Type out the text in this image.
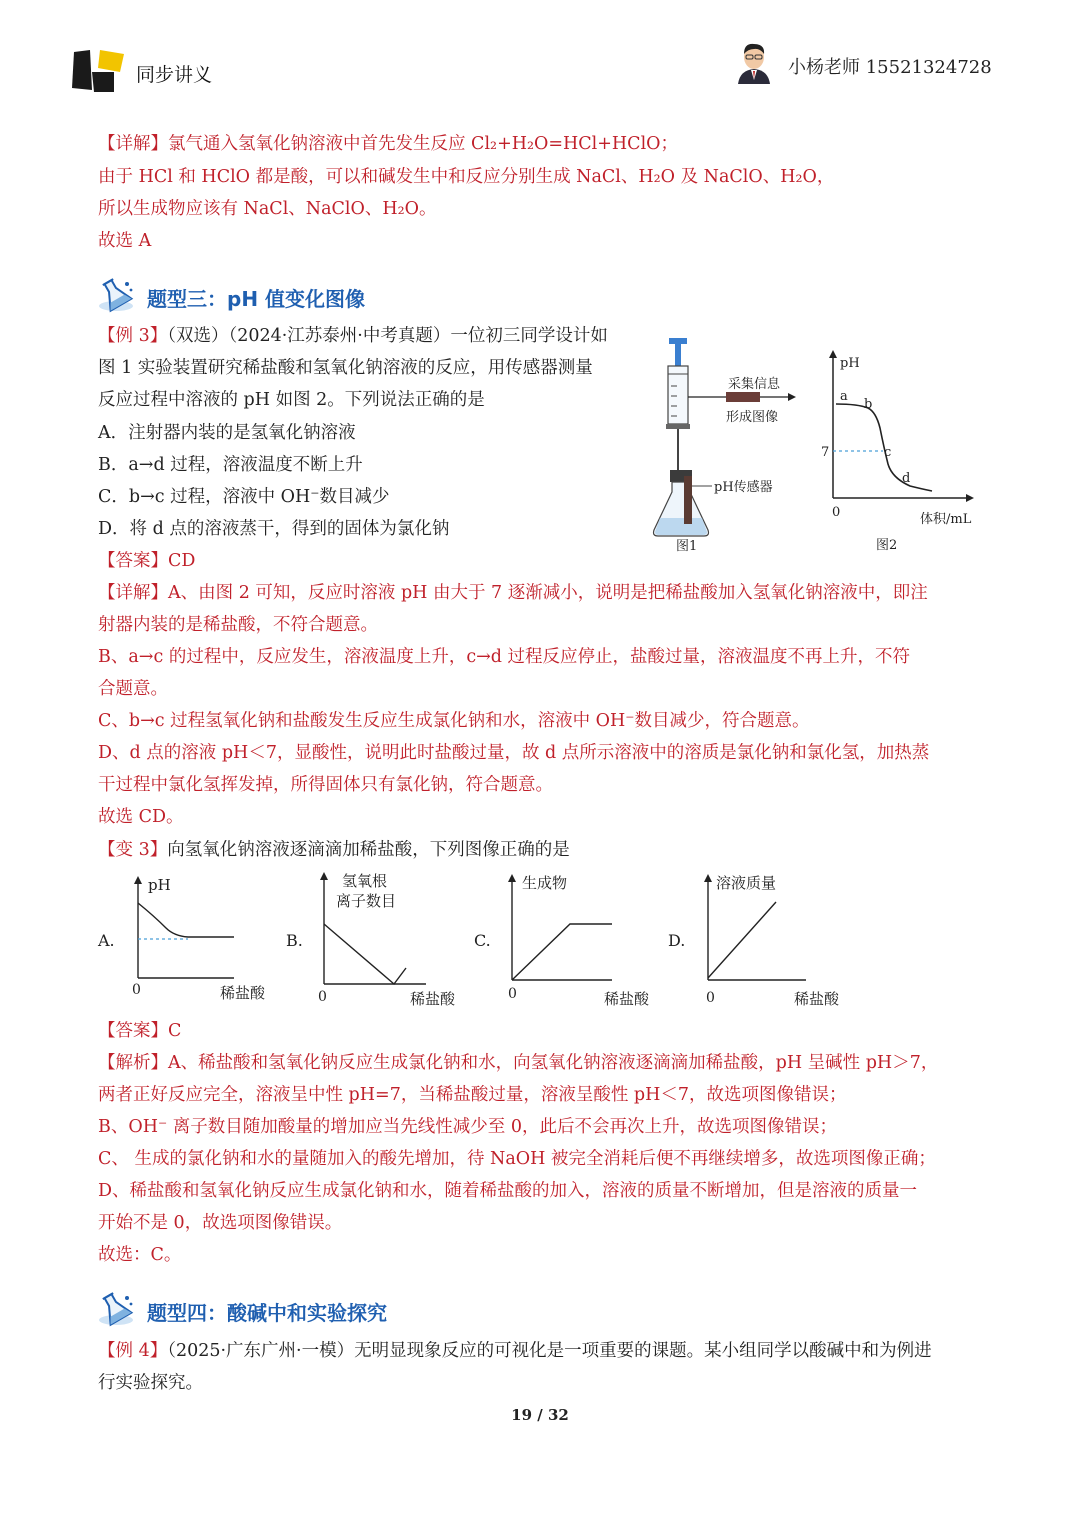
同步讲义	小杨老师 15521324728
【详解】氯气通入氢氧化钠溶液中首先发生反应 Cl₂+H₂O=HCl+HClO；
由于 HCl 和 HClO 都是酸，可以和碱发生中和反应分别生成 NaCl、H₂O 及 NaClO、H₂O，
所以生成物应该有 NaCl、NaClO、H₂O。
故选 A
题型三：pH 值变化图像
【例 3】（双选）（2024·江苏泰州·中考真题）一位初三同学设计如
图 1 实验装置研究稀盐酸和氢氧化钠溶液的反应，用传感器测量
反应过程中溶液的 pH 如图 2。下列说法正确的是
A．注射器内装的是氢氧化钠溶液
B．a→d 过程，溶液温度不断上升
C．b→c 过程，溶液中 OH⁻数目减少
D．将 d 点的溶液蒸干，得到的固体为氯化钠
采集信息
形成图像
pH传感器
图1
pH
7
0	体积/mL
a
b
c
d
图2
【答案】CD
【详解】A、由图 2 可知，反应时溶液 pH 由大于 7 逐渐减小，说明是把稀盐酸加入氢氧化钠溶液中，即注
射器内装的是稀盐酸，不符合题意。
B、a→c 的过程中，反应发生，溶液温度上升，c→d 过程反应停止，盐酸过量，溶液温度不再上升，不符
合题意。
C、b→c 过程氢氧化钠和盐酸发生反应生成氯化钠和水，溶液中 OH⁻数目减少，符合题意。
D、d 点的溶液 pH＜7，显酸性，说明此时盐酸过量，故 d 点所示溶液中的溶质是氯化钠和氯化氢，加热蒸
干过程中氯化氢挥发掉，所得固体只有氯化钠，符合题意。
故选 CD。
【变 3】向氢氧化钠溶液逐滴滴加稀盐酸，下列图像正确的是
pH
A.
0	稀盐酸
氢氧根
离子数目
B.
0	稀盐酸
生成物
C.
0	稀盐酸
溶液质量
D.
0	稀盐酸
【答案】C
【解析】A、稀盐酸和氢氧化钠反应生成氯化钠和水，向氢氧化钠溶液逐滴滴加稀盐酸，pH 呈碱性 pH＞7，
两者正好反应完全，溶液呈中性 pH=7，当稀盐酸过量，溶液呈酸性 pH＜7，故选项图像错误；
B、OH⁻ 离子数目随加酸量的增加应当先线性减少至 0，此后不会再次上升，故选项图像错误；
C、 生成的氯化钠和水的量随加入的酸先增加，待 NaOH 被完全消耗后便不再继续增多，故选项图像正确；
D、稀盐酸和氢氧化钠反应生成氯化钠和水，随着稀盐酸的加入，溶液的质量不断增加，但是溶液的质量一
开始不是 0，故选项图像错误。
故选：C。
题型四：酸碱中和实验探究
【例 4】（2025·广东广州·一模）无明显现象反应的可视化是一项重要的课题。某小组同学以酸碱中和为例进
行实验探究。
19 / 32
